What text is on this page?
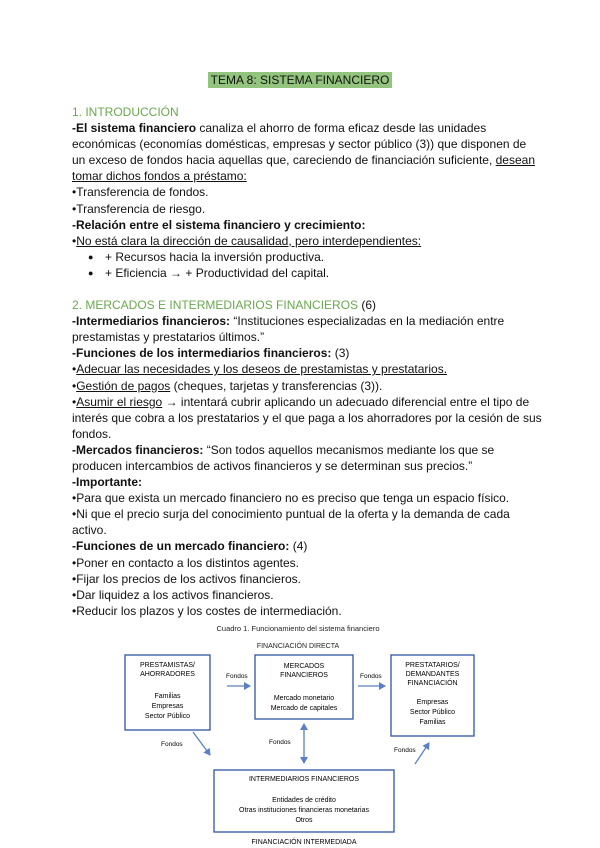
TEMA 8: SISTEMA FINANCIERO

1. INTRODUCCIÓN

-El sistema financiero canaliza el ahorro de forma eficaz desde las unidades económicas (economías domésticas, empresas y sector público (3)) que disponen de un exceso de fondos hacia aquellas que, careciendo de financiación suficiente, desean tomar dichos fondos a préstamo:

•Transferencia de fondos.

•Transferencia de riesgo.

-Relación entre el sistema financiero y crecimiento:

•No está clara la dirección de causalidad, pero interdependientes:

● + Recursos hacia la inversión productiva.

● + Eficiencia → + Productividad del capital.

2. MERCADOS E INTERMEDIARIOS FINANCIEROS (6)

-Intermediarios financieros: “Instituciones especializadas en la mediación entre prestamistas y prestatarios últimos.”

-Funciones de los intermediarios financieros: (3)

•Adecuar las necesidades y los deseos de prestamistas y prestatarios.

•Gestión de pagos (cheques, tarjetas y transferencias (3)).

•Asumir el riesgo → intentará cubrir aplicando un adecuado diferencial entre el tipo de interés que cobra a los prestatarios y el que paga a los ahorradores por la cesión de sus fondos.

-Mercados financieros: “Son todos aquellos mecanismos mediante los que se producen intercambios de activos financieros y se determinan sus precios.”

-Importante:

•Para que exista un mercado financiero no es preciso que tenga un espacio físico.

•Ni que el precio surja del conocimiento puntual de la oferta y la demanda de cada activo.

-Funciones de un mercado financiero: (4)

•Poner en contacto a los distintos agentes.

•Fijar los precios de los activos financieros.

•Dar liquidez a los activos financieros.

•Reducir los plazos y los costes de intermediación.

Cuadro 1. Funcionamiento del sistema financiero
FINANCIACIÓN DIRECTA
PRESTAMISTAS/
AHORRADORES
Familias
Empresas
Sector Público
MERCADOS
FINANCIEROS
Mercado monetario
Mercado de capitales
PRESTATARIOS/
DEMANDANTES
FINANCIACIÓN
Empresas
Sector Público
Familias
INTERMEDIARIOS FINANCIEROS
Entidades de crédito
Otras instituciones financieras monetarias
Otros
FINANCIACIÓN INTERMEDIADA
Fondos	Fondos
Fondos	Fondos
Fondos
